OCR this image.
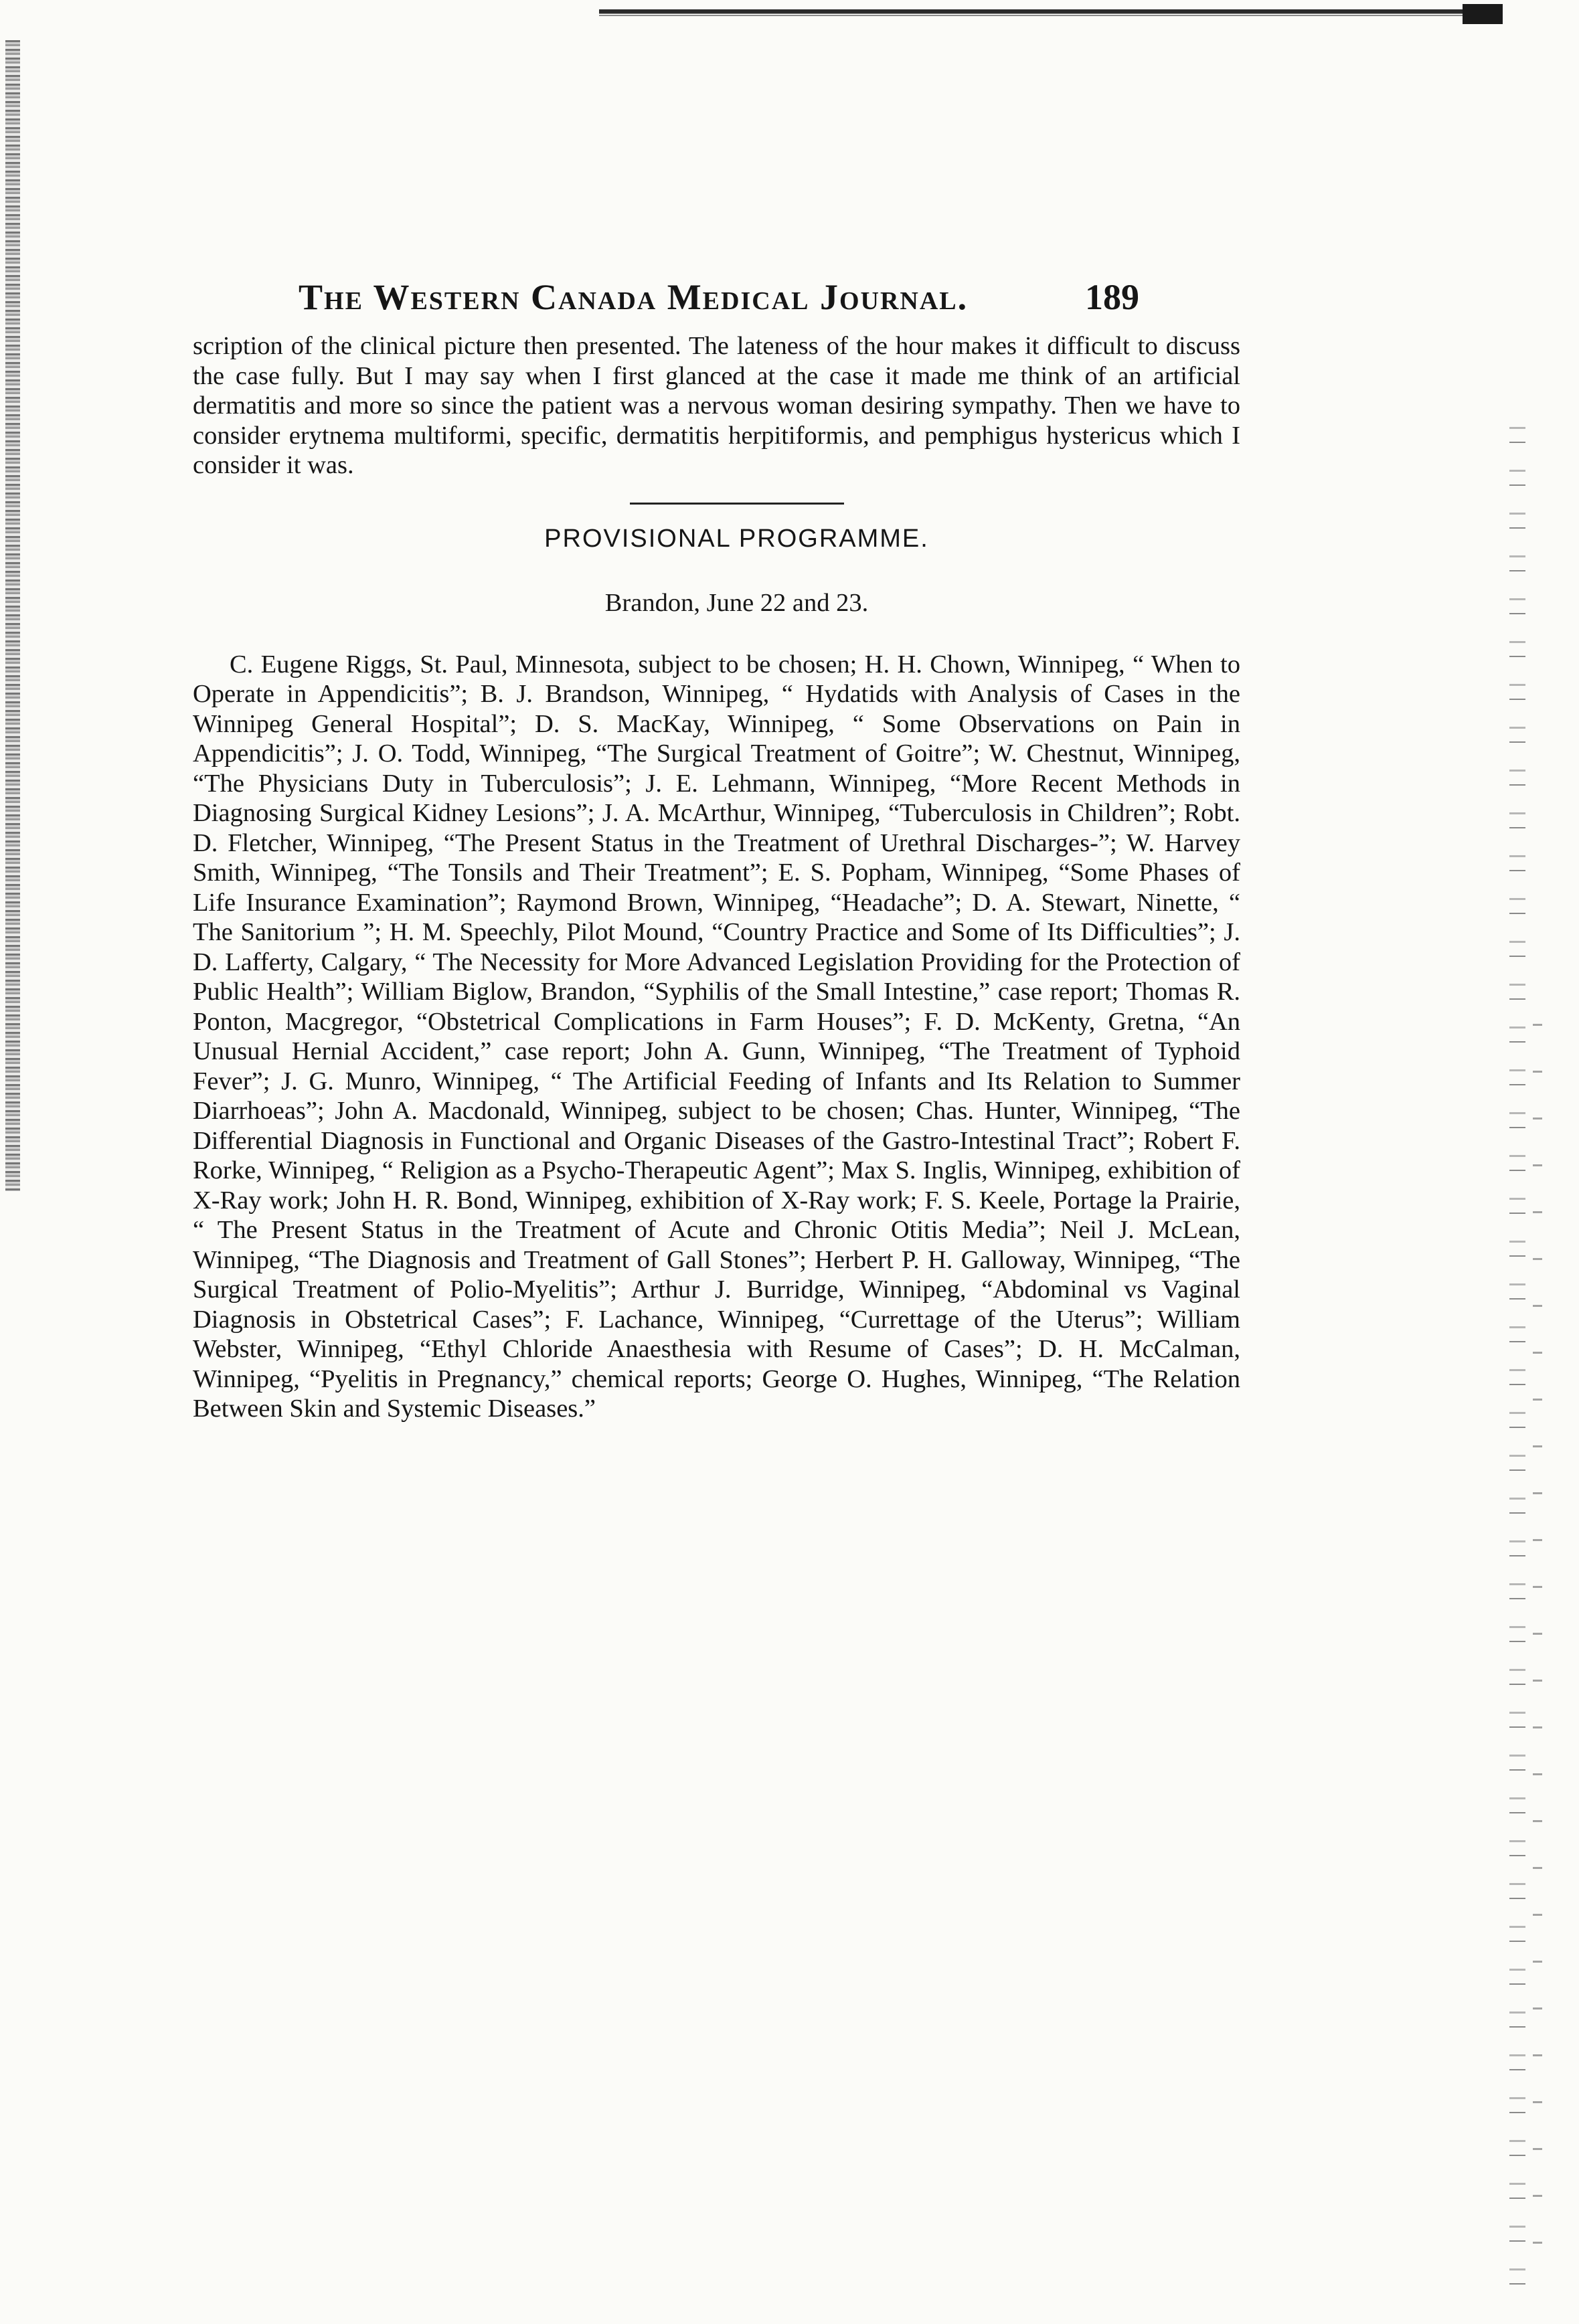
The Western Canada Medical Journal.	189

scription of the clinical picture then presented. The lateness of the hour makes it difficult to discuss the case fully. But I may say when I first glanced at the case it made me think of an artificial dermatitis and more so since the patient was a nervous woman desiring sympathy. Then we have to consider erytnema multiformi, specific, dermatitis herpitiformis, and pemphigus hystericus which I consider it was.

PROVISIONAL PROGRAMME.

Brandon, June 22 and 23.

C. Eugene Riggs, St. Paul, Minnesota, subject to be chosen; H. H. Chown, Winnipeg, “ When to Operate in Appendicitis”; B. J. Brandson, Winnipeg, “ Hydatids with Analysis of Cases in the Winnipeg General Hospital”; D. S. MacKay, Winnipeg, “ Some Observations on Pain in Appendicitis”; J. O. Todd, Winnipeg, “The Surgical Treatment of Goitre”; W. Chestnut, Winnipeg, “The Physicians Duty in Tuberculosis”; J. E. Lehmann, Winnipeg, “More Recent Methods in Diagnosing Surgical Kidney Lesions”; J. A. McArthur, Winnipeg, “Tuberculosis in Children”; Robt. D. Fletcher, Winnipeg, “The Present Status in the Treatment of Urethral Discharges-”; W. Harvey Smith, Winnipeg, “The Tonsils and Their Treatment”; E. S. Popham, Winnipeg, “Some Phases of Life Insurance Examination”; Raymond Brown, Winnipeg, “Headache”; D. A. Stewart, Ninette, “ The Sanitorium ”; H. M. Speechly, Pilot Mound, “Country Practice and Some of Its Difficulties”; J. D. Lafferty, Calgary, “ The Necessity for More Advanced Legislation Providing for the Protection of Public Health”; William Biglow, Brandon, “Syphilis of the Small Intestine,” case report; Thomas R. Ponton, Macgregor, “Obstetrical Complications in Farm Houses”; F. D. McKenty, Gretna, “An Unusual Hernial Accident,” case report; John A. Gunn, Winnipeg, “The Treatment of Typhoid Fever”; J. G. Munro, Winnipeg, “ The Artificial Feeding of Infants and Its Relation to Summer Diarrhoeas”; John A. Macdonald, Winnipeg, subject to be chosen; Chas. Hunter, Winnipeg, “The Differential Diagnosis in Functional and Organic Diseases of the Gastro-Intestinal Tract”; Robert F. Rorke, Winnipeg, “ Religion as a Psycho-Therapeutic Agent”; Max S. Inglis, Winnipeg, exhibition of X-Ray work; John H. R. Bond, Winnipeg, exhibition of X-Ray work; F. S. Keele, Portage la Prairie, “ The Present Status in the Treatment of Acute and Chronic Otitis Media”; Neil J. McLean, Winnipeg, “The Diagnosis and Treatment of Gall Stones”; Herbert P. H. Galloway, Winnipeg, “The Surgical Treatment of Polio-Myelitis”; Arthur J. Burridge, Winnipeg, “Abdominal vs Vaginal Diagnosis in Obstetrical Cases”; F. Lachance, Winnipeg, “Currettage of the Uterus”; William Webster, Winnipeg, “Ethyl Chloride Anaesthesia with Resume of Cases”; D. H. McCalman, Winnipeg, “Pyelitis in Pregnancy,” chemical reports; George O. Hughes, Winnipeg, “The Relation Between Skin and Systemic Diseases.”
